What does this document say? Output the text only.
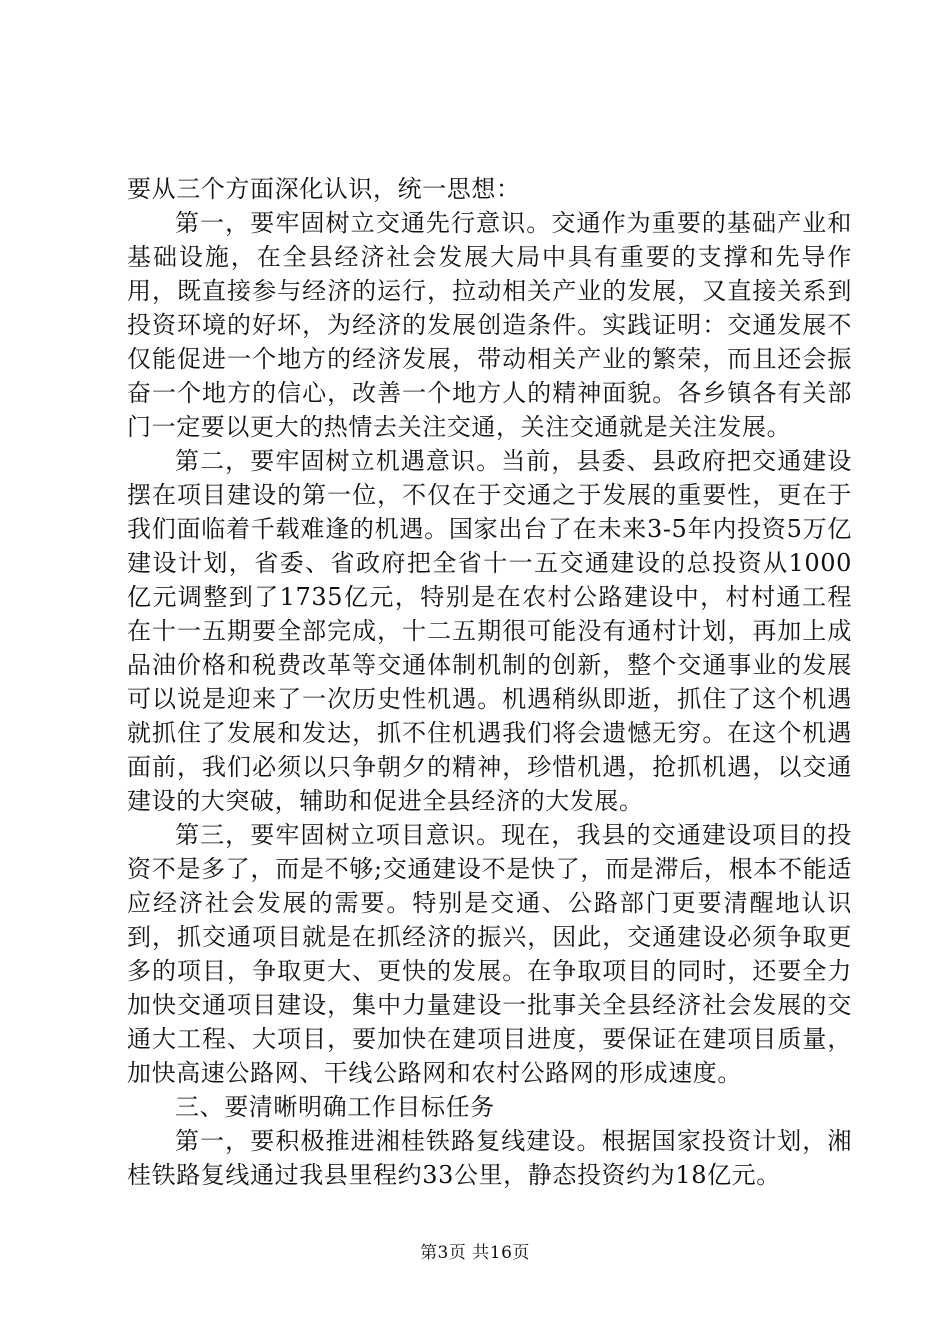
要从三个方面深化认识，统一思想：

第一，要牢固树立交通先行意识。交通作为重要的基础产业和基础设施，在全县经济社会发展大局中具有重要的支撑和先导作用，既直接参与经济的运行，拉动相关产业的发展，又直接关系到投资环境的好坏，为经济的发展创造条件。实践证明：交通发展不仅能促进一个地方的经济发展，带动相关产业的繁荣，而且还会振奋一个地方的信心，改善一个地方人的精神面貌。各乡镇各有关部门一定要以更大的热情去关注交通，关注交通就是关注发展。

第二，要牢固树立机遇意识。当前，县委、县政府把交通建设摆在项目建设的第一位，不仅在于交通之于发展的重要性，更在于我们面临着千载难逢的机遇。国家出台了在未来3-5年内投资5万亿建设计划，省委、省政府把全省十一五交通建设的总投资从1000亿元调整到了1735亿元，特别是在农村公路建设中，村村通工程在十一五期要全部完成，十二五期很可能没有通村计划，再加上成品油价格和税费改革等交通体制机制的创新，整个交通事业的发展可以说是迎来了一次历史性机遇。机遇稍纵即逝，抓住了这个机遇就抓住了发展和发达，抓不住机遇我们将会遗憾无穷。在这个机遇面前，我们必须以只争朝夕的精神，珍惜机遇，抢抓机遇，以交通建设的大突破，辅助和促进全县经济的大发展。

第三，要牢固树立项目意识。现在，我县的交通建设项目的投资不是多了，而是不够;交通建设不是快了，而是滞后，根本不能适应经济社会发展的需要。特别是交通、公路部门更要清醒地认识到，抓交通项目就是在抓经济的振兴，因此，交通建设必须争取更多的项目，争取更大、更快的发展。在争取项目的同时，还要全力加快交通项目建设，集中力量建设一批事关全县经济社会发展的交通大工程、大项目，要加快在建项目进度，要保证在建项目质量，加快高速公路网、干线公路网和农村公路网的形成速度。

三、要清晰明确工作目标任务

第一，要积极推进湘桂铁路复线建设。根据国家投资计划，湘桂铁路复线通过我县里程约33公里，静态投资约为18亿元。

第3页 共16页
